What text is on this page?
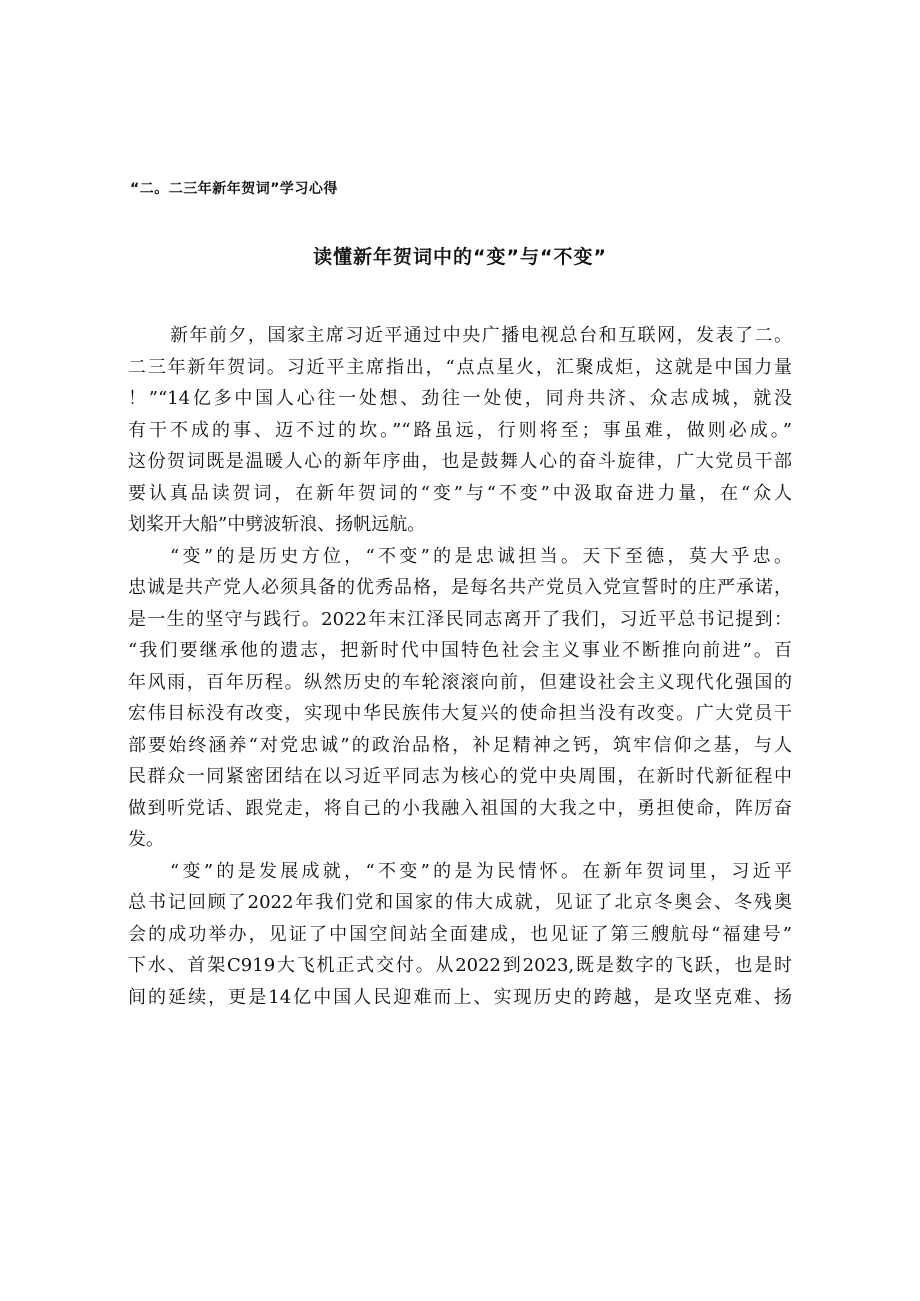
“二。二三年新年贺词”学习心得
读懂新年贺词中的“变”与“不变”
新年前夕，国家主席习近平通过中央广播电视总台和互联网，发表了二。
二三年新年贺词。习近平主席指出，“点点星火，汇聚成炬，这就是中国力量
！”“14亿多中国人心往一处想、劲往一处使，同舟共济、众志成城，就没
有干不成的事、迈不过的坎。”“路虽远，行则将至；事虽难，做则必成。”
这份贺词既是温暖人心的新年序曲，也是鼓舞人心的奋斗旋律，广大党员干部
要认真品读贺词，在新年贺词的“变”与“不变”中汲取奋进力量，在“众人
划桨开大船”中劈波斩浪、扬帆远航。
“变”的是历史方位，“不变”的是忠诚担当。天下至德，莫大乎忠。
忠诚是共产党人必须具备的优秀品格，是每名共产党员入党宣誓时的庄严承诺，
是一生的坚守与践行。2022年末江泽民同志离开了我们，习近平总书记提到：
“我们要继承他的遗志，把新时代中国特色社会主义事业不断推向前进”。百
年风雨，百年历程。纵然历史的车轮滚滚向前，但建设社会主义现代化强国的
宏伟目标没有改变，实现中华民族伟大复兴的使命担当没有改变。广大党员干
部要始终涵养“对党忠诚”的政治品格，补足精神之钙，筑牢信仰之基，与人
民群众一同紧密团结在以习近平同志为核心的党中央周围，在新时代新征程中
做到听党话、跟党走，将自己的小我融入祖国的大我之中，勇担使命，阵厉奋
发。
“变”的是发展成就，“不变”的是为民情怀。在新年贺词里，习近平
总书记回顾了2022年我们党和国家的伟大成就，见证了北京冬奥会、冬残奥
会的成功举办，见证了中国空间站全面建成，也见证了第三艘航母“福建号”
下水、首架C919大飞机正式交付。从2022到2023,既是数字的飞跃，也是时
间的延续，更是14亿中国人民迎难而上、实现历史的跨越，是攻坚克难、扬
